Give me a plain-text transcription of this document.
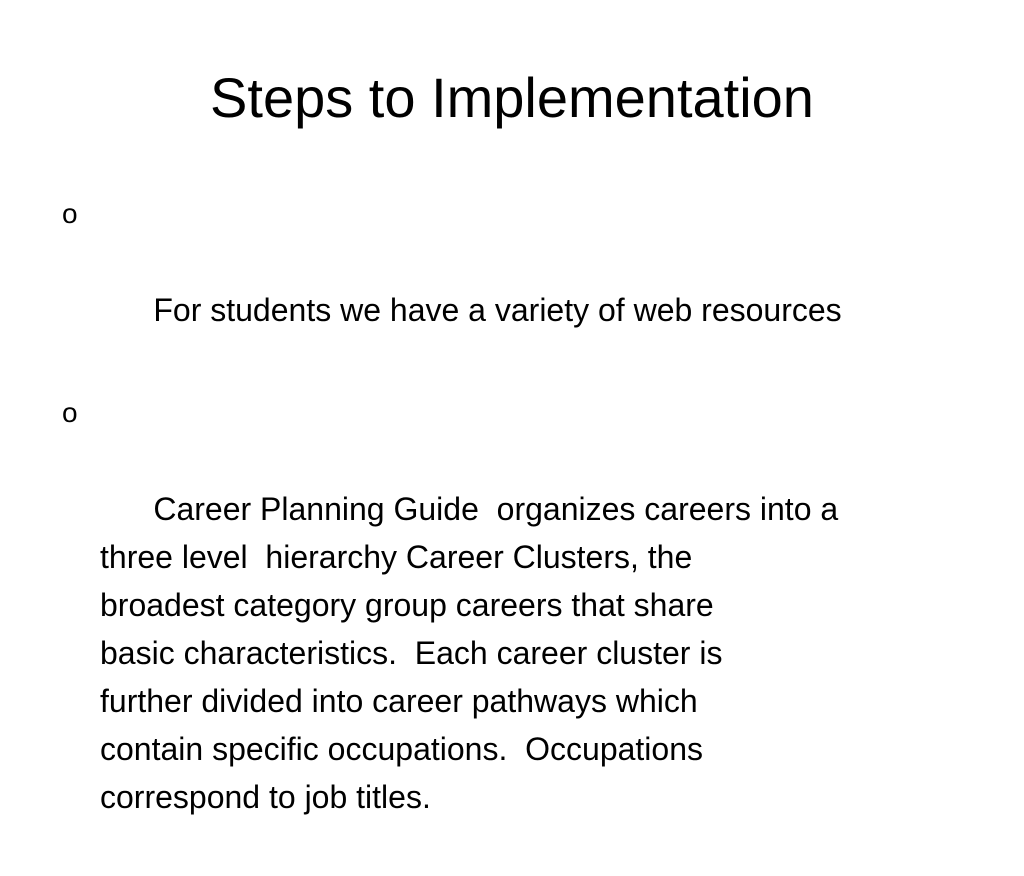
Steps to Implementation

o

For students we have a variety of web resources

o

Career Planning Guide  organizes careers into a
three level  hierarchy Career Clusters, the
broadest category group careers that share
basic characteristics.  Each career cluster is
further divided into career pathways which
contain specific occupations.  Occupations
correspond to job titles.
